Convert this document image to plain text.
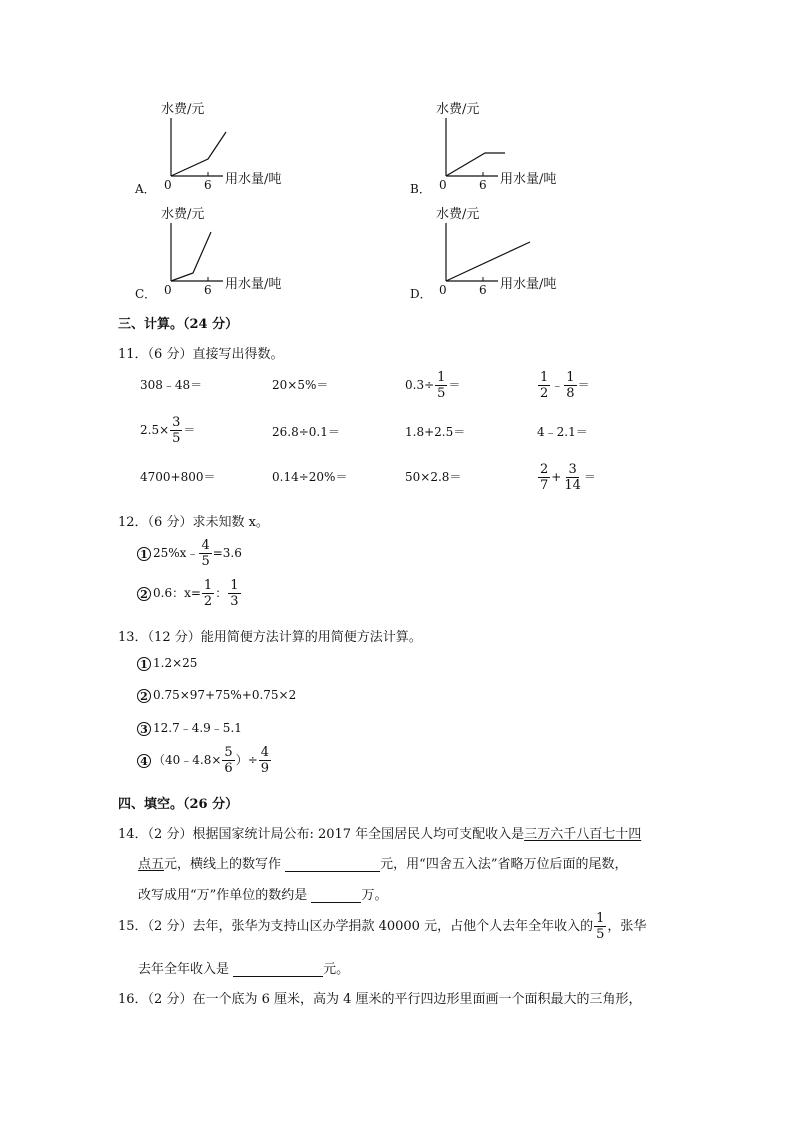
水费/元
用水量/吨
0	6
A．
水费/元
用水量/吨
0	6
B．
水费/元
用水量/吨
0	6
C．
水费/元
用水量/吨
0	6
D．
三、计算。（24 分）
11．（6 分）直接写出得数。
308﹣48＝	20×5%＝	$0.3\div \frac{1}{5}$ ＝	$\frac{1}{2}$ ﹣ $\frac{1}{8}$ ＝
$2.5\times \frac{3}{5}$ ＝	26.8÷0.1＝	1.8+2.5＝	4﹣2.1＝
4700+800＝	0.14÷20%＝	50×2.8＝	$\frac{2}{7} + \frac{3}{14}$ ＝
12．（6 分）求未知数 x。
1 25%x﹣ $\frac{4}{5} =3.6$
2 0.6：$x= \frac{1}{2}$ ： $\frac{1}{3}$
13．（12 分）能用简便方法计算的用简便方法计算。
1 1.2×25
2 0.75×97+75%+0.75×2
3 12.7﹣4.9﹣5.1
4 （40﹣4.8× $\frac{5}{6}$ ）÷ $\frac{4}{9}$
四、填空。（26 分）
14．（2 分）根据国家统计局公布: 2017 年全国居民人均可支配收入是三万六千八百七十四
点五元，横线上的数写作	元，用“四舍五入法”省略万位后面的尾数，
改写成用“万”作单位的数约是	万。
15．（2 分）去年，张华为支持山区办学捐款 40000 元，占他个人去年全年收入的 $\frac{1}{5}$ ，张华
去年全年收入是	元。
16．（2 分）在一个底为 6 厘米，高为 4 厘米的平行四边形里面画一个面积最大的三角形，
